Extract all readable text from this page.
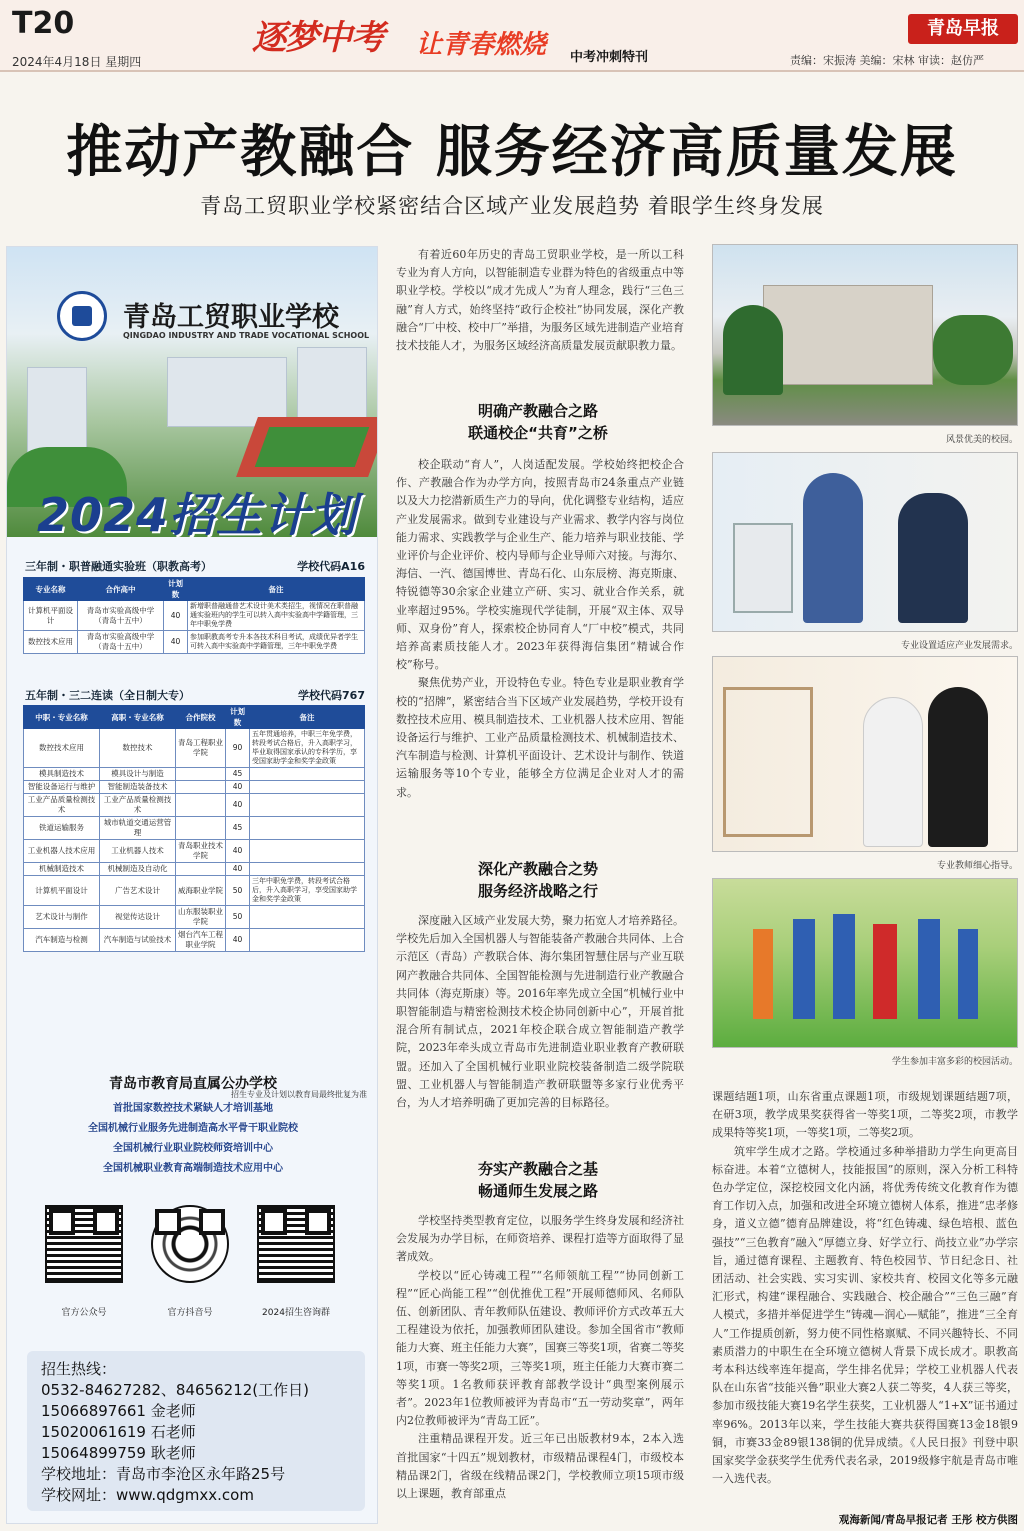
T20
2024年4月18日 星期四
逐梦中考 让青春燃烧 中考冲刺特刊
青岛早报
责编：宋振涛 美编：宋林 审读：赵仿严
推动产教融合 服务经济高质量发展
青岛工贸职业学校紧密结合区域产业发展趋势 着眼学生终身发展
青岛工贸职业学校
QINGDAO INDUSTRY AND TRADE VOCATIONAL SCHOOL
2024招生计划
三年制・职普融通实验班（职教高考）	学校代码A16
专业名称	合作高中	计划数	备注
计算机平面设计	青岛市实验高级中学（青岛十五中）	40	新增职普融通普艺术设计美术类招生，视情况在职普融通实验班内的学生可以转入高中实验高中学籍管理，三年中职免学费
数控技术应用	青岛市实验高级中学（青岛十五中）	40	参加职教高考专升本各技术科目考试，成绩优异者学生可转入高中实验高中学籍管理，三年中职免学费
五年制・三二连读（全日制大专）	学校代码767
中职・专业名称	高职・专业名称	合作院校	计划数	备注
数控技术应用	数控技术	青岛工程职业学院	90	五年贯通培养，中职三年免学费，转段考试合格后，升入高职学习，毕业取得国家承认的专科学历，享受国家助学金和奖学金政策
模具制造技术	模具设计与制造		45	
智能设备运行与维护	智能制造装备技术		40	
工业产品质量检测技术	工业产品质量检测技术		40	
铁道运输服务	城市轨道交通运营管理		45	
工业机器人技术应用	工业机器人技术	青岛职业技术学院	40	
机械制造技术	机械制造及自动化		40	
计算机平面设计	广告艺术设计	威海职业学院	50	三年中职免学费，转段考试合格后，升入高职学习，享受国家助学金和奖学金政策
艺术设计与制作	视觉传达设计	山东服装职业学院	50	
汽车制造与检测	汽车制造与试验技术	烟台汽车工程职业学院	40	
招生专业及计划以教育局最终批复为准
青岛市教育局直属公办学校
首批国家数控技术紧缺人才培训基地
全国机械行业服务先进制造高水平骨干职业院校
全国机械行业职业院校师资培训中心
全国机械职业教育高端制造技术应用中心
官方公众号	官方抖音号	2024招生咨询群
招生热线：
0532-84627282、84656212(工作日)
15066897661 金老师
15020061619 石老师
15064899759 耿老师
学校地址：青岛市李沧区永年路25号
学校网址：www.qdgmxx.com

有着近60年历史的青岛工贸职业学校，是一所以工科专业为育人方向，以智能制造专业群为特色的省级重点中等职业学校。学校以“成才先成人”为育人理念，践行“三色三融”育人方式，始终坚持“政行企校社”协同发展，深化产教融合“厂中校、校中厂”举措，为服务区域先进制造产业培育技术技能人才，为服务区域经济高质量发展贡献职教力量。

明确产教融合之路
联通校企“共育”之桥

校企联动“育人”，人岗适配发展。学校始终把校企合作、产教融合作为办学方向，按照青岛市24条重点产业链以及大力挖潜新质生产力的导向，优化调整专业结构，适应产业发展需求。做到专业建设与产业需求、教学内容与岗位能力需求、实践教学与企业生产、能力培养与职业技能、学业评价与企业评价、校内导师与企业导师六对接。与海尔、海信、一汽、德国博世、青岛石化、山东辰榜、海克斯康、特锐德等30余家企业建立产研、实习、就业合作关系，就业率超过95%。学校实施现代学徒制，开展“双主体、双导师、双身份”育人，探索校企协同育人“厂中校”模式，共同培养高素质技能人才。2023年获得海信集团“精诚合作校”称号。

聚焦优势产业，开设特色专业。特色专业是职业教育学校的“招牌”，紧密结合当下区域产业发展趋势，学校开设有数控技术应用、模具制造技术、工业机器人技术应用、智能设备运行与维护、工业产品质量检测技术、机械制造技术、汽车制造与检测、计算机平面设计、艺术设计与制作、铁道运输服务等10个专业，能够全方位满足企业对人才的需求。

深化产教融合之势
服务经济战略之行

深度融入区域产业发展大势，聚力拓宽人才培养路径。学校先后加入全国机器人与智能装备产教融合共同体、上合示范区（青岛）产教联合体、海尔集团智慧住居与产业互联网产教融合共同体、全国智能检测与先进制造行业产教融合共同体（海克斯康）等。2016年率先成立全国“机械行业中职智能制造与精密检测技术校企协同创新中心”，开展首批混合所有制试点，2021年校企联合成立智能制造产教学院，2023年牵头成立青岛市先进制造业职业教育产教研联盟。还加入了全国机械行业职业院校装备制造二级学院联盟、工业机器人与智能制造产教研联盟等多家行业优秀平台，为人才培养明确了更加完善的目标路径。

夯实产教融合之基
畅通师生发展之路

学校坚持类型教育定位，以服务学生终身发展和经济社会发展为办学目标，在师资培养、课程打造等方面取得了显著成效。

学校以“匠心铸魂工程”“名师领航工程”“协同创新工程”“匠心尚能工程”“创优推优工程”开展师德师风、名师队伍、创新团队、青年教师队伍建设、教师评价方式改革五大工程建设为依托，加强教师团队建设。参加全国省市“教师能力大赛、班主任能力大赛”，国赛三等奖1项，省赛二等奖1项，市赛一等奖2项，三等奖1项，班主任能力大赛市赛二等奖1项。1名教师获评教育部教学设计“典型案例展示者”。2023年1位教师被评为青岛市“五一劳动奖章”，两年内2位教师被评为“青岛工匠”。

注重精品课程开发。近三年已出版教材9本，2本入选首批国家“十四五”规划教材，市级精品课程4门，市级校本精品课2门，省级在线精品课2门，学校教师立项15项市级以上课题，教育部重点

风景优美的校园。
专业设置适应产业发展需求。
专业教师细心指导。
学生参加丰富多彩的校园活动。
课题结题1项，山东省重点课题1项，市级规划课题结题7项，在研3项，教学成果奖获得省一等奖1项，二等奖2项，市教学成果特等奖1项，一等奖1项，二等奖2项。

筑牢学生成才之路。学校通过多种举措助力学生向更高目标奋进。本着“立德树人，技能报国”的原则，深入分析工科特色办学定位，深挖校园文化内涵，将优秀传统文化教育作为德育工作切入点，加强和改进全环境立德树人体系，推进“忠孝修身，道义立德”德育品牌建设，将“红色铸魂、绿色培根、蓝色强技”“三色教育”融入“厚德立身、好学立行、尚技立业”办学宗旨，通过德育课程、主题教育、特色校园节、节日纪念日、社团活动、社会实践、实习实训、家校共育、校园文化等多元融汇形式，构建“课程融合、实践融合、校企融合”“三色三融”育人模式，多措并举促进学生“铸魂—润心—赋能”，推进“三全育人”工作提质创新，努力使不同性格禀赋、不同兴趣特长、不同素质潜力的中职生在全环境立德树人背景下成长成才。职教高考本科达线率连年提高，学生排名优异；学校工业机器人代表队在山东省“技能兴鲁”职业大赛2人获二等奖，4人获三等奖，参加市级技能大赛19名学生获奖，工业机器人“1+X”证书通过率96%。2013年以来，学生技能大赛共获得国赛13金18银9铜，市赛33金89银138铜的优异成绩。《人民日报》刊登中职国家奖学金获奖学生优秀代表名录，2019级修宇航是青岛市唯一入选代表。

观海新闻/青岛早报记者 王彤 校方供图
